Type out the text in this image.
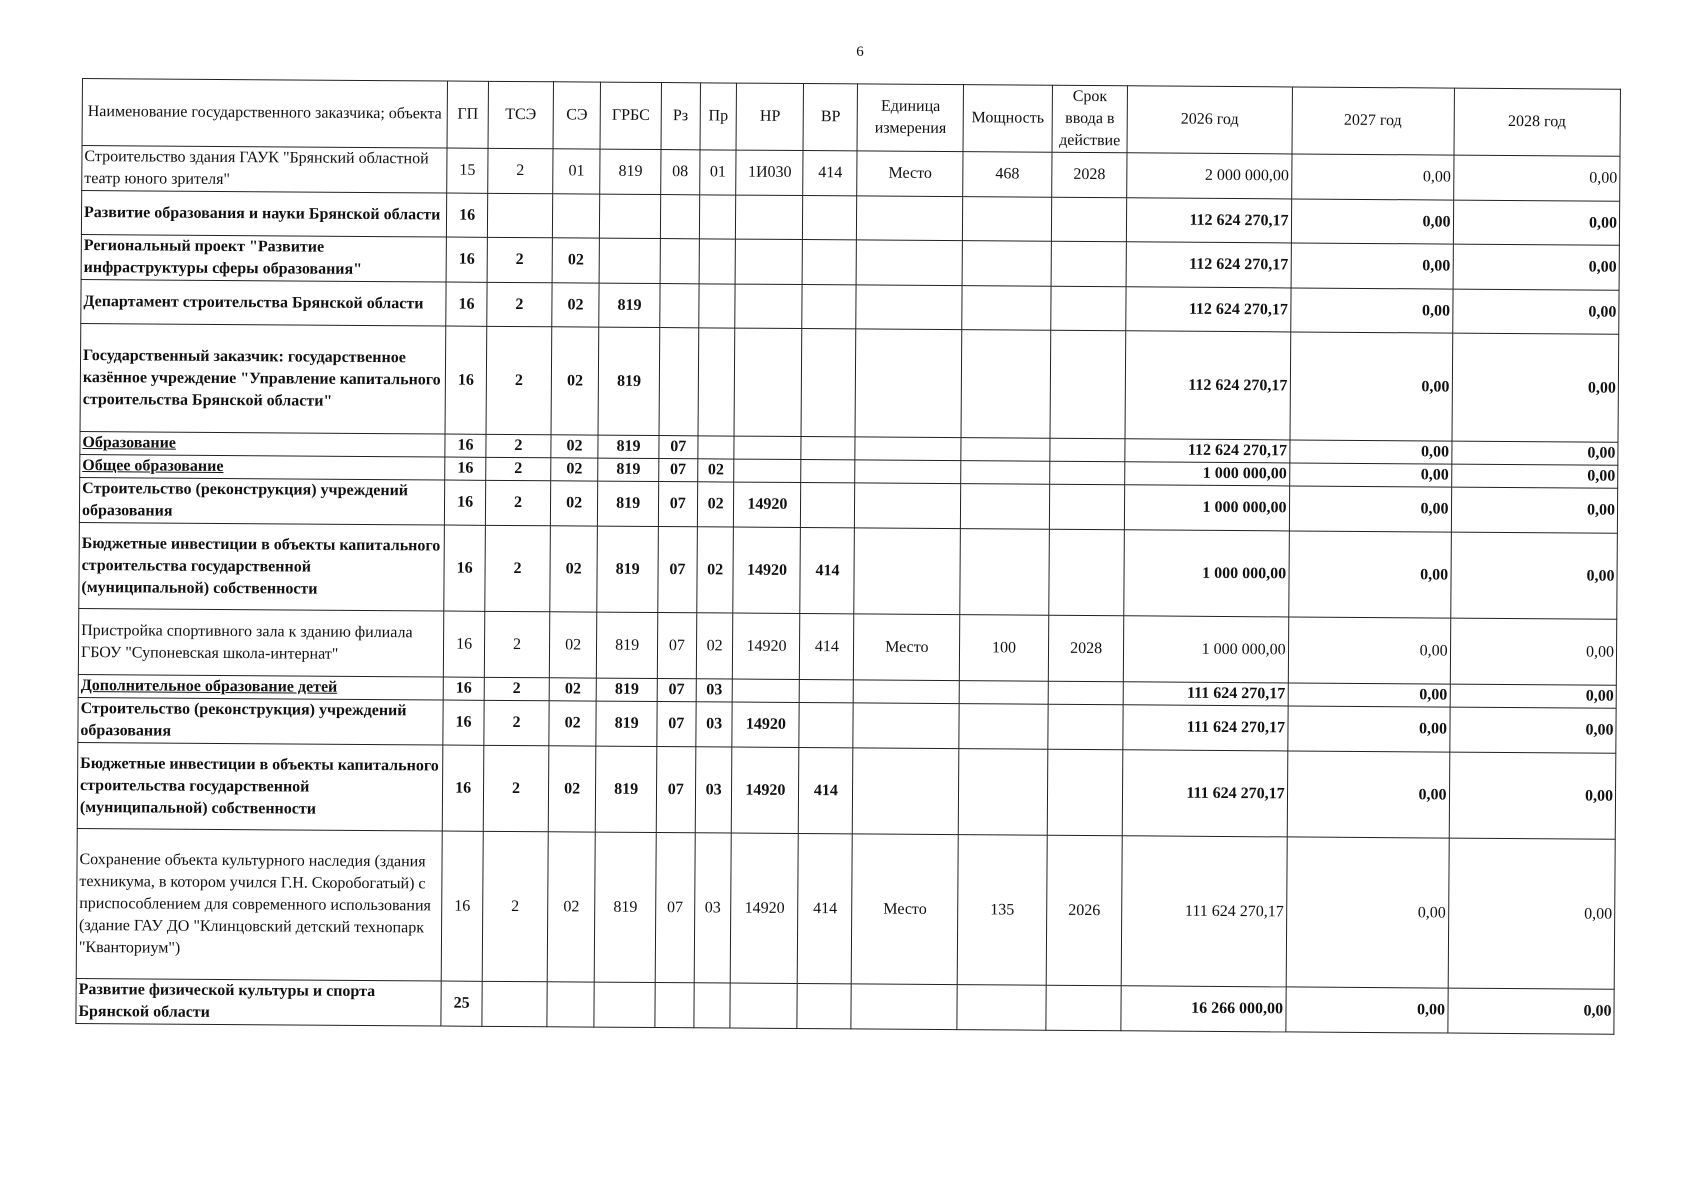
6
Наименование государственного заказчика; объекта	ГП	ТСЭ	СЭ	ГРБС	Рз	Пр	НР	ВР	Единица измерения	Мощность	Срок ввода в действие	2026 год	2027 год	2028 год
Строительство здания ГАУК "Брянский областной театр юного зрителя"	15	2	01	819	08	01	1И030	414	Место	468	2028	2 000 000,00	0,00	0,00
Развитие образования и науки Брянской области	16											112 624 270,17	0,00	0,00
Региональный проект "Развитие инфраструктуры сферы образования"	16	2	02									112 624 270,17	0,00	0,00
Департамент строительства Брянской области	16	2	02	819								112 624 270,17	0,00	0,00
Государственный заказчик: государственное казённое учреждение "Управление капитального строительства Брянской области"	16	2	02	819								112 624 270,17	0,00	0,00
Образование	16	2	02	819	07							112 624 270,17	0,00	0,00
Общее образование	16	2	02	819	07	02						1 000 000,00	0,00	0,00
Строительство (реконструкция) учреждений образования	16	2	02	819	07	02	14920					1 000 000,00	0,00	0,00
Бюджетные инвестиции в объекты капитального строительства государственной (муниципальной) собственности	16	2	02	819	07	02	14920	414				1 000 000,00	0,00	0,00
Пристройка спортивного зала к зданию филиала ГБОУ "Супоневская школа-интернат"	16	2	02	819	07	02	14920	414	Место	100	2028	1 000 000,00	0,00	0,00
Дополнительное образование детей	16	2	02	819	07	03						111 624 270,17	0,00	0,00
Строительство (реконструкция) учреждений образования	16	2	02	819	07	03	14920					111 624 270,17	0,00	0,00
Бюджетные инвестиции в объекты капитального строительства государственной (муниципальной) собственности	16	2	02	819	07	03	14920	414				111 624 270,17	0,00	0,00
Сохранение объекта культурного наследия (здания техникума, в котором учился Г.Н. Скоробогатый) с приспособлением для современного использования (здание ГАУ ДО "Клинцовский детский технопарк "Кванториум")	16	2	02	819	07	03	14920	414	Место	135	2026	111 624 270,17	0,00	0,00
Развитие физической культуры и спорта Брянской области	25											16 266 000,00	0,00	0,00
